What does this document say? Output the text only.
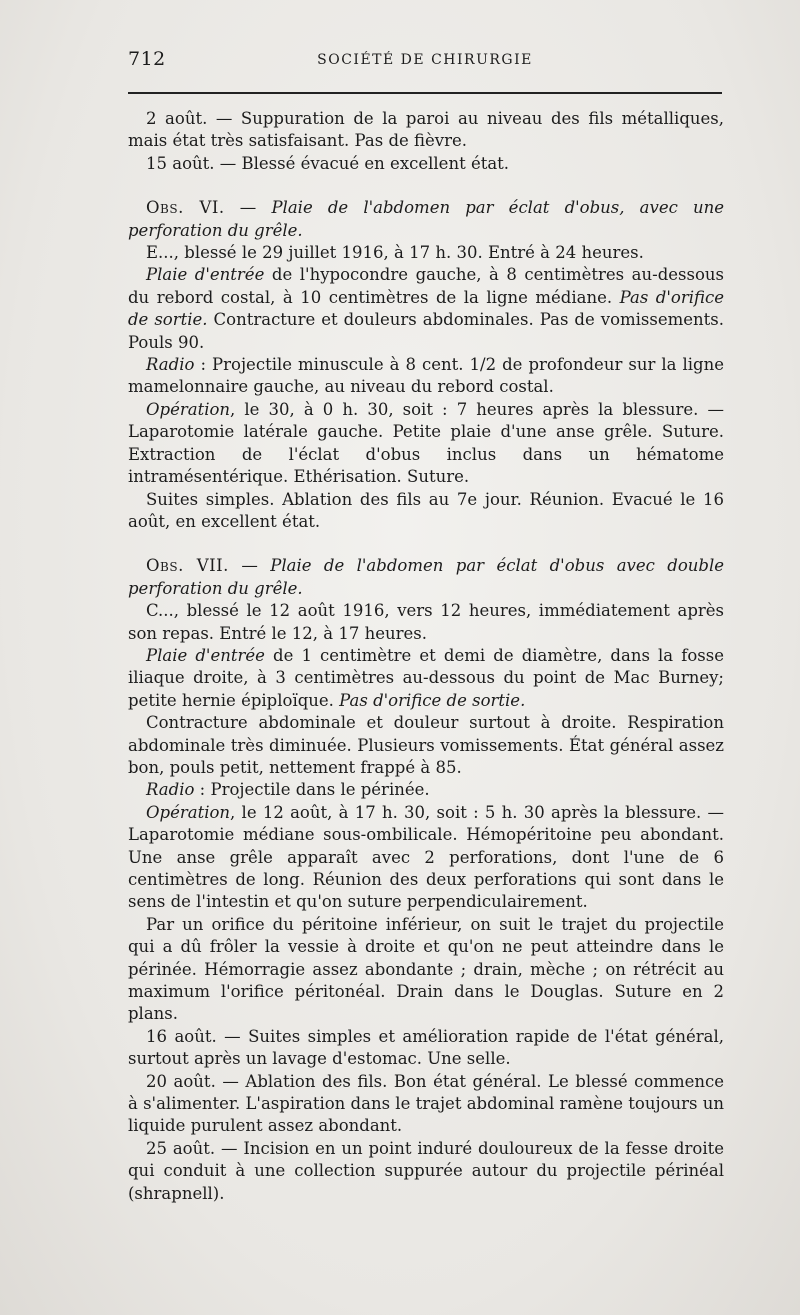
712	SOCIÉTÉ DE CHIRURGIE

2 août. — Suppuration de la paroi au niveau des fils métalliques, mais état très satisfaisant. Pas de fièvre.

15 août. — Blessé évacué en excellent état.

Obs. VI. — Plaie de l'abdomen par éclat d'obus, avec une perforation du grêle.

E..., blessé le 29 juillet 1916, à 17 h. 30. Entré à 24 heures.

Plaie d'entrée de l'hypocondre gauche, à 8 centimètres au-dessous du rebord costal, à 10 centimètres de la ligne médiane. Pas d'orifice de sortie. Contracture et douleurs abdominales. Pas de vomissements. Pouls 90.

Radio : Projectile minuscule à 8 cent. 1/2 de profondeur sur la ligne mamelonnaire gauche, au niveau du rebord costal.

Opération, le 30, à 0 h. 30, soit : 7 heures après la blessure. — Laparotomie latérale gauche. Petite plaie d'une anse grêle. Suture. Extraction de l'éclat d'obus inclus dans un hématome intramésentérique. Ethérisation. Suture.

Suites simples. Ablation des fils au 7e jour. Réunion. Evacué le 16 août, en excellent état.

Obs. VII. — Plaie de l'abdomen par éclat d'obus avec double perforation du grêle.

C..., blessé le 12 août 1916, vers 12 heures, immédiatement après son repas. Entré le 12, à 17 heures.

Plaie d'entrée de 1 centimètre et demi de diamètre, dans la fosse iliaque droite, à 3 centimètres au-dessous du point de Mac Burney; petite hernie épiploïque. Pas d'orifice de sortie.

Contracture abdominale et douleur surtout à droite. Respiration abdominale très diminuée. Plusieurs vomissements. État général assez bon, pouls petit, nettement frappé à 85.

Radio : Projectile dans le périnée.

Opération, le 12 août, à 17 h. 30, soit : 5 h. 30 après la blessure. — Laparotomie médiane sous-ombilicale. Hémopéritoine peu abondant. Une anse grêle apparaît avec 2 perforations, dont l'une de 6 centimètres de long. Réunion des deux perforations qui sont dans le sens de l'intestin et qu'on suture perpendiculairement.

Par un orifice du péritoine inférieur, on suit le trajet du projectile qui a dû frôler la vessie à droite et qu'on ne peut atteindre dans le périnée. Hémorragie assez abondante ; drain, mèche ; on rétrécit au maximum l'orifice péritonéal. Drain dans le Douglas. Suture en 2 plans.

16 août. — Suites simples et amélioration rapide de l'état général, surtout après un lavage d'estomac. Une selle.

20 août. — Ablation des fils. Bon état général. Le blessé commence à s'alimenter. L'aspiration dans le trajet abdominal ramène toujours un liquide purulent assez abondant.

25 août. — Incision en un point induré douloureux de la fesse droite qui conduit à une collection suppurée autour du projectile périnéal (shrapnell).
